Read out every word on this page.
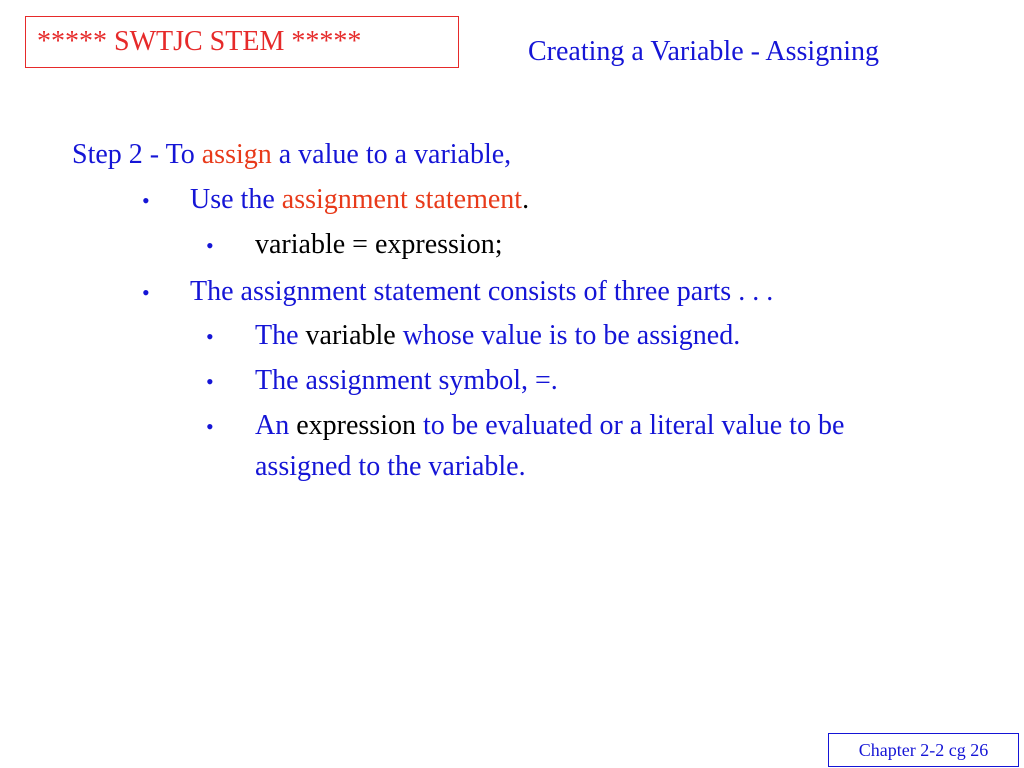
***** SWTJC STEM *****	Creating a Variable - Assigning
Step 2 - To assign a value to a variable,
• Use the assignment statement.
• variable = expression;
• The assignment statement consists of three parts . . .
• The variable whose value is to be assigned.
• The assignment symbol, =.
• An expression to be evaluated or a literal value to be
assigned to the variable.
Chapter 2-2 cg 26
